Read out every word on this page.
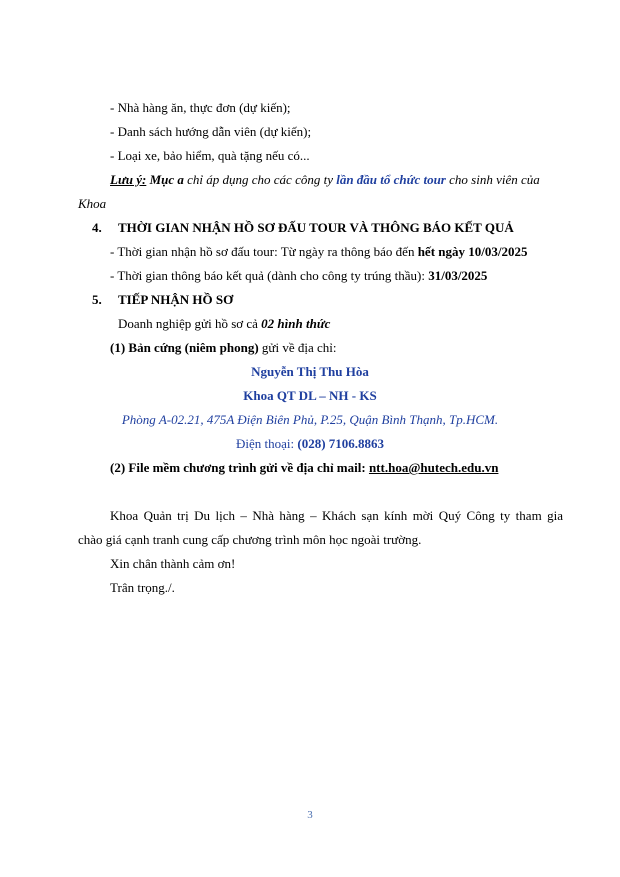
- Nhà hàng ăn, thực đơn (dự kiến);
- Danh sách hướng dẫn viên (dự kiến);
- Loại xe, bảo hiểm, quà tặng nếu có...
Lưu ý: Mục a chỉ áp dụng cho các công ty lần đầu tổ chức tour cho sinh viên của
Khoa
4. THỜI GIAN NHẬN HỒ SƠ ĐẤU TOUR VÀ THÔNG BÁO KẾT QUẢ
- Thời gian nhận hồ sơ đấu tour: Từ ngày ra thông báo đến hết ngày 10/03/2025
- Thời gian thông báo kết quả (dành cho công ty trúng thầu): 31/03/2025
5. TIẾP NHẬN HỒ SƠ
Doanh nghiệp gửi hồ sơ cả 02 hình thức
(1) Bản cứng (niêm phong) gửi về địa chỉ:
Nguyễn Thị Thu Hòa
Khoa QT DL – NH - KS
Phòng A-02.21, 475A Điện Biên Phủ, P.25, Quận Bình Thạnh, Tp.HCM.
Điện thoại: (028) 7106.8863
(2) File mềm chương trình gửi về địa chỉ mail: ntt.hoa@hutech.edu.vn
Khoa Quản trị Du lịch – Nhà hàng – Khách sạn kính mời Quý Công ty tham gia
chào giá cạnh tranh cung cấp chương trình môn học ngoài trường.
Xin chân thành cảm ơn!
Trân trọng./.
3
